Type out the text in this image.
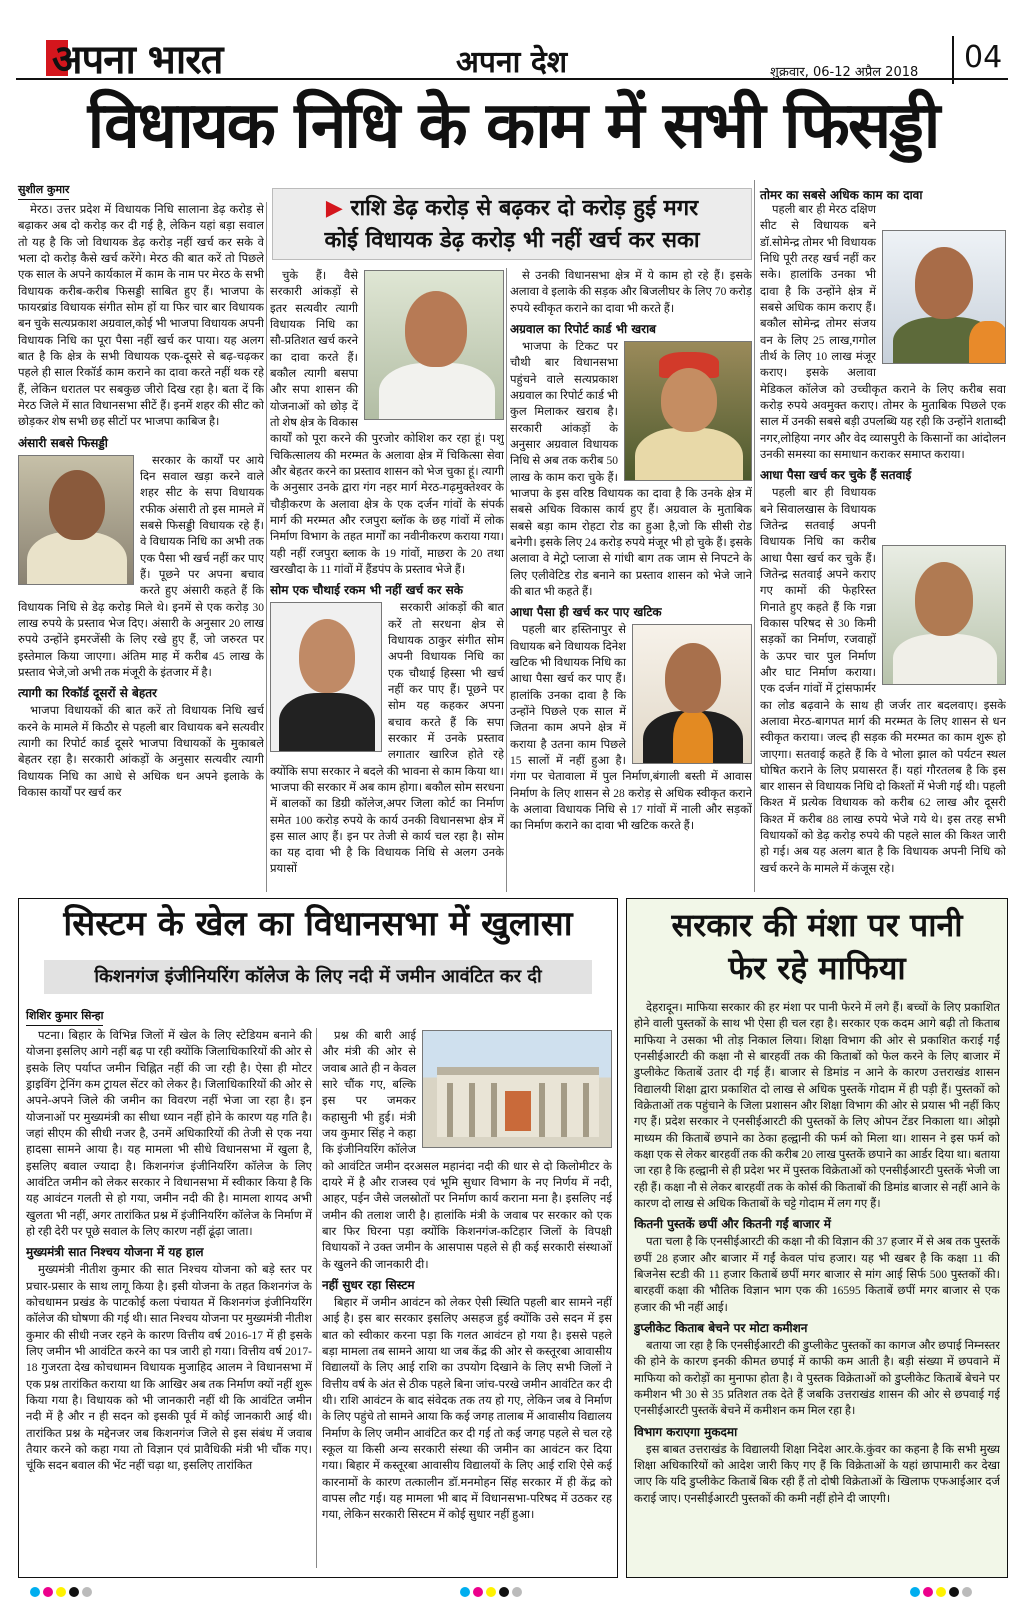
अपना भारत	अपना देश	शुक्रवार, 06-12 अप्रैल 2018	04
विधायक निधि के काम में सभी फिसड्डी
सुशील कुमार
▶ राशि डेढ़ करोड़ से बढ़कर दो करोड़ हुई मगर
कोई विधायक डेढ़ करोड़ भी नहीं खर्च कर सका

मेरठ। उत्तर प्रदेश में विधायक निधि सालाना डेढ़ करोड़ से बढ़ाकर अब दो करोड़ कर दी गई है, लेकिन यहां बड़ा सवाल तो यह है कि जो विधायक डेढ़ करोड़ नहीं खर्च कर सके वे भला दो करोड़ कैसे खर्च करेंगे। मेरठ की बात करें तो पिछले एक साल के अपने कार्यकाल में काम के नाम पर मेरठ के सभी विधायक करीब-करीब फिसड्डी साबित हुए हैं। भाजपा के फायरब्रांड विधायक संगीत सोम हों या फिर चार बार विधायक बन चुके सत्यप्रकाश अग्रवाल,कोई भी भाजपा विधायक अपनी विधायक निधि का पूरा पैसा नहीं खर्च कर पाया। यह अलग बात है कि क्षेत्र के सभी विधायक एक-दूसरे से बढ़-चढ़कर पहले ही साल रिकॉर्ड काम कराने का दावा करते नहीं थक रहे हैं, लेकिन धरातल पर सबकुछ जीरो दिख रहा है। बता दें कि मेरठ जिले में सात विधानसभा सीटें हैं। इनमें शहर की सीट को छोड़कर शेष सभी छह सीटों पर भाजपा काबिज है।

अंसारी सबसे फिसड्डी

सरकार के कार्यों पर आये दिन सवाल खड़ा करने वाले शहर सीट के सपा विधायक रफीक अंसारी तो इस मामले में सबसे फिसड्डी विधायक रहे हैं। वे विधायक निधि का अभी तक एक पैसा भी खर्च नहीं कर पाए हैं। पूछने पर अपना बचाव करते हुए अंसारी कहते हैं कि विधायक निधि से डेढ़ करोड़ मिले थे। इनमें से एक करोड़ 30 लाख रुपये के प्रस्ताव भेज दिए। अंसारी के अनुसार 20 लाख रुपये उन्होंने इमरजेंसी के लिए रखे हुए हैं, जो जरुरत पर इस्तेमाल किया जाएगा। अंतिम माह में करीब 45 लाख के प्रस्ताव भेजे,जो अभी तक मंजूरी के इंतजार में है।

त्यागी का रिकॉर्ड दूसरों से बेहतर

भाजपा विधायकों की बात करें तो विधायक निधि खर्च करने के मामले में किठौर से पहली बार विधायक बने सत्यवीर त्यागी का रिपोर्ट कार्ड दूसरे भाजपा विधायकों के मुकाबले बेहतर रहा है। सरकारी आंकड़ों के अनुसार सत्यवीर त्यागी विधायक निधि का आधे से अधिक धन अपने इलाके के विकास कार्यों पर खर्च कर

चुके हैं। वैसे सरकारी आंकड़ों से इतर सत्यवीर त्यागी विधायक निधि का सौ-प्रतिशत खर्च करने का दावा करते हैं। बकौल त्यागी बसपा और सपा शासन की योजनाओं को छोड़ दें तो शेष क्षेत्र के विकास कार्यों को पूरा करने की पुरजोर कोशिश कर रहा हूं। पशु चिकित्सालय की मरम्मत के अलावा क्षेत्र में चिकित्सा सेवा और बेहतर करने का प्रस्ताव शासन को भेज चुका हूं। त्यागी के अनुसार उनके द्वारा गंग नहर मार्ग मेरठ-गढ़मुक्तेश्वर के चौड़ीकरण के अलावा क्षेत्र के एक दर्जन गांवों के संपर्क मार्ग की मरम्मत और रजपुरा ब्लॉक के छह गांवों में लोक निर्माण विभाग के तहत मार्गों का नवीनीकरण कराया गया। यही नहीं रजपुरा ब्लाक के 19 गांवों, माछरा के 20 तथा खरखौदा के 11 गांवों में हैंडपंप के प्रस्ताव भेजे हैं।

सोम एक चौथाई रकम भी नहीं खर्च कर सके

सरकारी आंकड़ों की बात करें तो सरधना क्षेत्र से विधायक ठाकुर संगीत सोम अपनी विधायक निधि का एक चौथाई हिस्सा भी खर्च नहीं कर पाए हैं। पूछने पर सोम यह कहकर अपना बचाव करते हैं कि सपा सरकार में उनके प्रस्ताव लगातार खारिज होते रहे क्योंकि सपा सरकार ने बदले की भावना से काम किया था। भाजपा की सरकार में अब काम होगा। बकौल सोम सरधना में बालकों का डिग्री कॉलेज,अपर जिला कोर्ट का निर्माण समेत 100 करोड़ रुपये के कार्य उनकी विधानसभा क्षेत्र में इस साल आए हैं। इन पर तेजी से कार्य चल रहा है। सोम का यह दावा भी है कि विधायक निधि से अलग उनके प्रयासों

से उनकी विधानसभा क्षेत्र में ये काम हो रहे हैं। इसके अलावा वे इलाके की सड़क और बिजलीघर के लिए 70 करोड़ रुपये स्वीकृत कराने का दावा भी करते हैं।

अग्रवाल का रिपोर्ट कार्ड भी खराब

भाजपा के टिकट पर चौथी बार विधानसभा पहुंचने वाले सत्यप्रकाश अग्रवाल का रिपोर्ट कार्ड भी कुल मिलाकर खराब है। सरकारी आंकड़ों के अनुसार अग्रवाल विधायक निधि से अब तक करीब 50 लाख के काम करा चुके हैं। भाजपा के इस वरिष्ठ विधायक का दावा है कि उनके क्षेत्र में सबसे अधिक विकास कार्य हुए हैं। अग्रवाल के मुताबिक सबसे बड़ा काम रोहटा रोड का हुआ है,जो कि सीसी रोड बनेगी। इसके लिए 24 करोड़ रुपये मंजूर भी हो चुके हैं। इसके अलावा वे मेट्रो प्लाजा से गांधी बाग तक जाम से निपटने के लिए एलीवेटिड रोड बनाने का प्रस्ताव शासन को भेजे जाने की बात भी कहते हैं।

आधा पैसा ही खर्च कर पाए खटिक

पहली बार हस्तिनापुर से विधायक बने विधायक दिनेश खटिक भी विधायक निधि का आधा पैसा खर्च कर पाए हैं। हालांकि उनका दावा है कि उन्होंने पिछले एक साल में जितना काम अपने क्षेत्र में कराया है उतना काम पिछले 15 सालों में नहीं हुआ है। गंगा पर चेतावाला में पुल निर्माण,बंगाली बस्ती में आवास निर्माण के लिए शासन से 28 करोड़ से अधिक स्वीकृत कराने के अलावा विधायक निधि से 17 गांवों में नाली और सड़कों का निर्माण कराने का दावा भी खटिक करते हैं।

तोमर का सबसे अधिक काम का दावा

पहली बार ही मेरठ दक्षिण सीट से विधायक बने डॉ.सोमेन्द्र तोमर भी विधायक निधि पूरी तरह खर्च नहीं कर सके। हालांकि उनका भी दावा है कि उन्होंने क्षेत्र में सबसे अधिक काम कराए हैं। बकौल सोमेन्द्र तोमर संजय वन के लिए 25 लाख,गगोल तीर्थ के लिए 10 लाख मंजूर कराए। इसके अलावा मेडिकल कॉलेज को उच्चीकृत कराने के लिए करीब सवा करोड़ रुपये अवमुक्त कराए। तोमर के मुताबिक पिछले एक साल में उनकी सबसे बड़ी उपलब्धि यह रही कि उन्होंने शताब्दी नगर,लोहिया नगर और वेद व्यासपुरी के किसानों का आंदोलन उनकी समस्या का समाधान कराकर समाप्त कराया।

आधा पैसा खर्च कर चुके हैं सतवाई

पहली बार ही विधायक बने सिवालखास के विधायक जितेन्द्र सतवाई अपनी विधायक निधि का करीब आधा पैसा खर्च कर चुके हैं। जितेन्द्र सतवाई अपने कराए गए कामों की फेहरिस्त गिनाते हुए कहते हैं कि गन्ना विकास परिषद से 30 किमी सड़कों का निर्माण, रजवाहों के ऊपर चार पुल निर्माण और घाट निर्माण कराया। एक दर्जन गांवों में ट्रांसफार्मर का लोड बढ़वाने के साथ ही जर्जर तार बदलवाए। इसके अलावा मेरठ-बागपत मार्ग की मरम्मत के लिए शासन से धन स्वीकृत कराया। जल्द ही सड़क की मरम्मत का काम शुरू हो जाएगा। सतवाई कहते हैं कि वे भोला झाल को पर्यटन स्थल घोषित कराने के लिए प्रयासरत हैं। यहां गौरतलब है कि इस बार शासन से विधायक निधि दो किश्तों में भेजी गई थी। पहली किश्त में प्रत्येक विधायक को करीब 62 लाख और दूसरी किश्त में करीब 88 लाख रुपये भेजे गये थे। इस तरह सभी विधायकों को डेढ़ करोड़ रुपये की पहले साल की किश्त जारी हो गई। अब यह अलग बात है कि विधायक अपनी निधि को खर्च करने के मामले में कंजूस रहे।

सिस्टम के खेल का विधानसभा में खुलासा
किशनगंज इंजीनियरिंग कॉलेज के लिए नदी में जमीन आवंटित कर दी
शिशिर कुमार सिन्हा

पटना। बिहार के विभिन्न जिलों में खेल के लिए स्टेडियम बनाने की योजना इसलिए आगे नहीं बढ़ पा रही क्योंकि जिलाधिकारियों की ओर से इसके लिए पर्याप्त जमीन चिह्नित नहीं की जा रही है। ऐसा ही मोटर ड्राइविंग ट्रेनिंग कम ट्रायल सेंटर को लेकर है। जिलाधिकारियों की ओर से अपने-अपने जिले की जमीन का विवरण नहीं भेजा जा रहा है। इन योजनाओं पर मुख्यमंत्री का सीधा ध्यान नहीं होने के कारण यह गति है। जहां सीएम की सीधी नजर है, उनमें अधिकारियों की तेजी से एक नया हादसा सामने आया है। यह मामला भी सीधे विधानसभा में खुला है, इसलिए बवाल ज्यादा है। किशनगंज इंजीनियरिंग कॉलेज के लिए आवंटित जमीन को लेकर सरकार ने विधानसभा में स्वीकार किया है कि यह आवंटन गलती से हो गया, जमीन नदी की है। मामला शायद अभी खुलता भी नहीं, अगर तारांकित प्रश्न में इंजीनियरिंग कॉलेज के निर्माण में हो रही देरी पर पूछे सवाल के लिए कारण नहीं ढूंढ़ा जाता।

मुख्यमंत्री सात निश्चय योजना में यह हाल

मुख्यमंत्री नीतीश कुमार की सात निश्चय योजना को बड़े स्तर पर प्रचार-प्रसार के साथ लागू किया है। इसी योजना के तहत किशनगंज के कोचधामन प्रखंड के पाटकोई कला पंचायत में किशनगंज इंजीनियरिंग कॉलेज की घोषणा की गई थी। सात निश्चय योजना पर मुख्यमंत्री नीतीश कुमार की सीधी नजर रहने के कारण वित्तीय वर्ष 2016-17 में ही इसके लिए जमीन भी आवंटित करने का पत्र जारी हो गया। वित्तीय वर्ष 2017-18 गुजरता देख कोचधामन विधायक मुजाहिद आलम ने विधानसभा में एक प्रश्न तारांकित कराया था कि आखिर अब तक निर्माण क्यों नहीं शुरू किया गया है। विधायक को भी जानकारी नहीं थी कि आवंटित जमीन नदी में है और न ही सदन को इसकी पूर्व में कोई जानकारी आई थी। तारांकित प्रश्न के मद्देनजर जब किशनगंज जिले से इस संबंध में जवाब तैयार करने को कहा गया तो विज्ञान एवं प्रावैधिकी मंत्री भी चौंक गए। चूंकि सदन बवाल की भेंट नहीं चढ़ा था, इसलिए तारांकित

प्रश्न की बारी आई और मंत्री की ओर से जवाब आते ही न केवल सारे चौंक गए, बल्कि इस पर जमकर कहासुनी भी हुई। मंत्री जय कुमार सिंह ने कहा कि इंजीनियरिंग कॉलेज को आवंटित जमीन दरअसल महानंदा नदी की धार से दो किलोमीटर के दायरे में है और राजस्व एवं भूमि सुधार विभाग के नए निर्णय में नदी, आहर, पईन जैसे जलस्रोतों पर निर्माण कार्य कराना मना है। इसलिए नई जमीन की तलाश जारी है। हालांकि मंत्री के जवाब पर सरकार को एक बार फिर घिरना पड़ा क्योंकि किशनगंज-कटिहार जिलों के विपक्षी विधायकों ने उक्त जमीन के आसपास पहले से ही कई सरकारी संस्थाओं के खुलने की जानकारी दी।

नहीं सुधर रहा सिस्टम

बिहार में जमीन आवंटन को लेकर ऐसी स्थिति पहली बार सामने नहीं आई है। इस बार सरकार इसलिए असहज हुई क्योंकि उसे सदन में इस बात को स्वीकार करना पड़ा कि गलत आवंटन हो गया है। इससे पहले बड़ा मामला तब सामने आया था जब केंद्र की ओर से कस्तूरबा आवासीय विद्यालयों के लिए आई राशि का उपयोग दिखाने के लिए सभी जिलों ने वित्तीय वर्ष के अंत से ठीक पहले बिना जांच-परखे जमीन आवंटित कर दी थी। राशि आवंटन के बाद संवेदक तक तय हो गए, लेकिन जब वे निर्माण के लिए पहुंचे तो सामने आया कि कई जगह तालाब में आवासीय विद्यालय निर्माण के लिए जमीन आवंटित कर दी गई तो कई जगह पहले से चल रहे स्कूल या किसी अन्य सरकारी संस्था की जमीन का आवंटन कर दिया गया। बिहार में कस्तूरबा आवासीय विद्यालयों के लिए आई राशि ऐसे कई कारनामों के कारण तत्कालीन डॉ.मनमोहन सिंह सरकार में ही केंद्र को वापस लौट गई। यह मामला भी बाद में विधानसभा-परिषद में उठकर रह गया, लेकिन सरकारी सिस्टम में कोई सुधार नहीं हुआ।

सरकार की मंशा पर पानी
फेर रहे माफिया

देहरादून। माफिया सरकार की हर मंशा पर पानी फेरने में लगे हैं। बच्चों के लिए प्रकाशित होने वाली पुस्तकों के साथ भी ऐसा ही चल रहा है। सरकार एक कदम आगे बढ़ी तो किताब माफिया ने उसका भी तोड़ निकाल लिया। शिक्षा विभाग की ओर से प्रकाशित कराई गईं एनसीईआरटी की कक्षा नौ से बारहवीं तक की किताबों को फेल करने के लिए बाजार में डुप्लीकेट किताबें उतार दी गई हैं। बाजार से डिमांड न आने के कारण उत्तराखंड शासन विद्यालयी शिक्षा द्वारा प्रकाशित दो लाख से अधिक पुस्तकें गोदाम में ही पड़ी हैं। पुस्तकों को विक्रेताओं तक पहुंचाने के जिला प्रशासन और शिक्षा विभाग की ओर से प्रयास भी नहीं किए गए हैं। प्रदेश सरकार ने एनसीईआरटी की पुस्तकों के लिए ओपन टेंडर निकाला था। ओझो माध्यम की किताबें छपाने का ठेका हल्द्वानी की फर्म को मिला था। शासन ने इस फर्म को कक्षा एक से लेकर बारहवीं तक की करीब 20 लाख पुस्तकें छपाने का आर्डर दिया था। बताया जा रहा है कि हल्द्वानी से ही प्रदेश भर में पुस्तक विक्रेताओं को एनसीईआरटी पुस्तकें भेजी जा रही हैं। कक्षा नौ से लेकर बारहवीं तक के कोर्स की किताबों की डिमांड बाजार से नहीं आने के कारण दो लाख से अधिक किताबों के चट्टे गोदाम में लग गए हैं।

कितनी पुस्तकें छपीं और कितनी गईं बाजार में

पता चला है कि एनसीईआरटी की कक्षा नौ की विज्ञान की 37 हजार में से अब तक पुस्तकें छपीं 28 हजार और बाजार में गईं केवल पांच हजार। यह भी खबर है कि कक्षा 11 की बिजनेस स्टडी की 11 हजार किताबें छपीं मगर बाजार से मांग आई सिर्फ 500 पुस्तकों की। बारहवीं कक्षा की भौतिक विज्ञान भाग एक की 16595 किताबें छपीं मगर बाजार से एक हजार की भी नहीं आई।

डुप्लीकेट किताब बेचने पर मोटा कमीशन

बताया जा रहा है कि एनसीईआरटी की डुप्लीकेट पुस्तकों का कागज और छपाई निम्नस्तर की होने के कारण इनकी कीमत छपाई में काफी कम आती है। बड़ी संख्या में छपवाने में माफिया को करोड़ों का मुनाफा होता है। वे पुस्तक विक्रेताओं को डुप्लीकेट किताबें बेचने पर कमीशन भी 30 से 35 प्रतिशत तक देते हैं जबकि उत्तराखंड शासन की ओर से छपवाई गई एनसीईआरटी पुस्तकें बेचने में कमीशन कम मिल रहा है।

विभाग कराएगा मुकदमा

इस बाबत उत्तराखंड के विद्यालयी शिक्षा निदेश आर.के.कुंवर का कहना है कि सभी मुख्य शिक्षा अधिकारियों को आदेश जारी किए गए हैं कि विक्रेताओं के यहां छापामारी कर देखा जाए कि यदि डुप्लीकेट किताबें बिक रही हैं तो दोषी विक्रेताओं के खिलाफ एफआईआर दर्ज कराई जाए। एनसीईआरटी पुस्तकों की कमी नहीं होने दी जाएगी।
